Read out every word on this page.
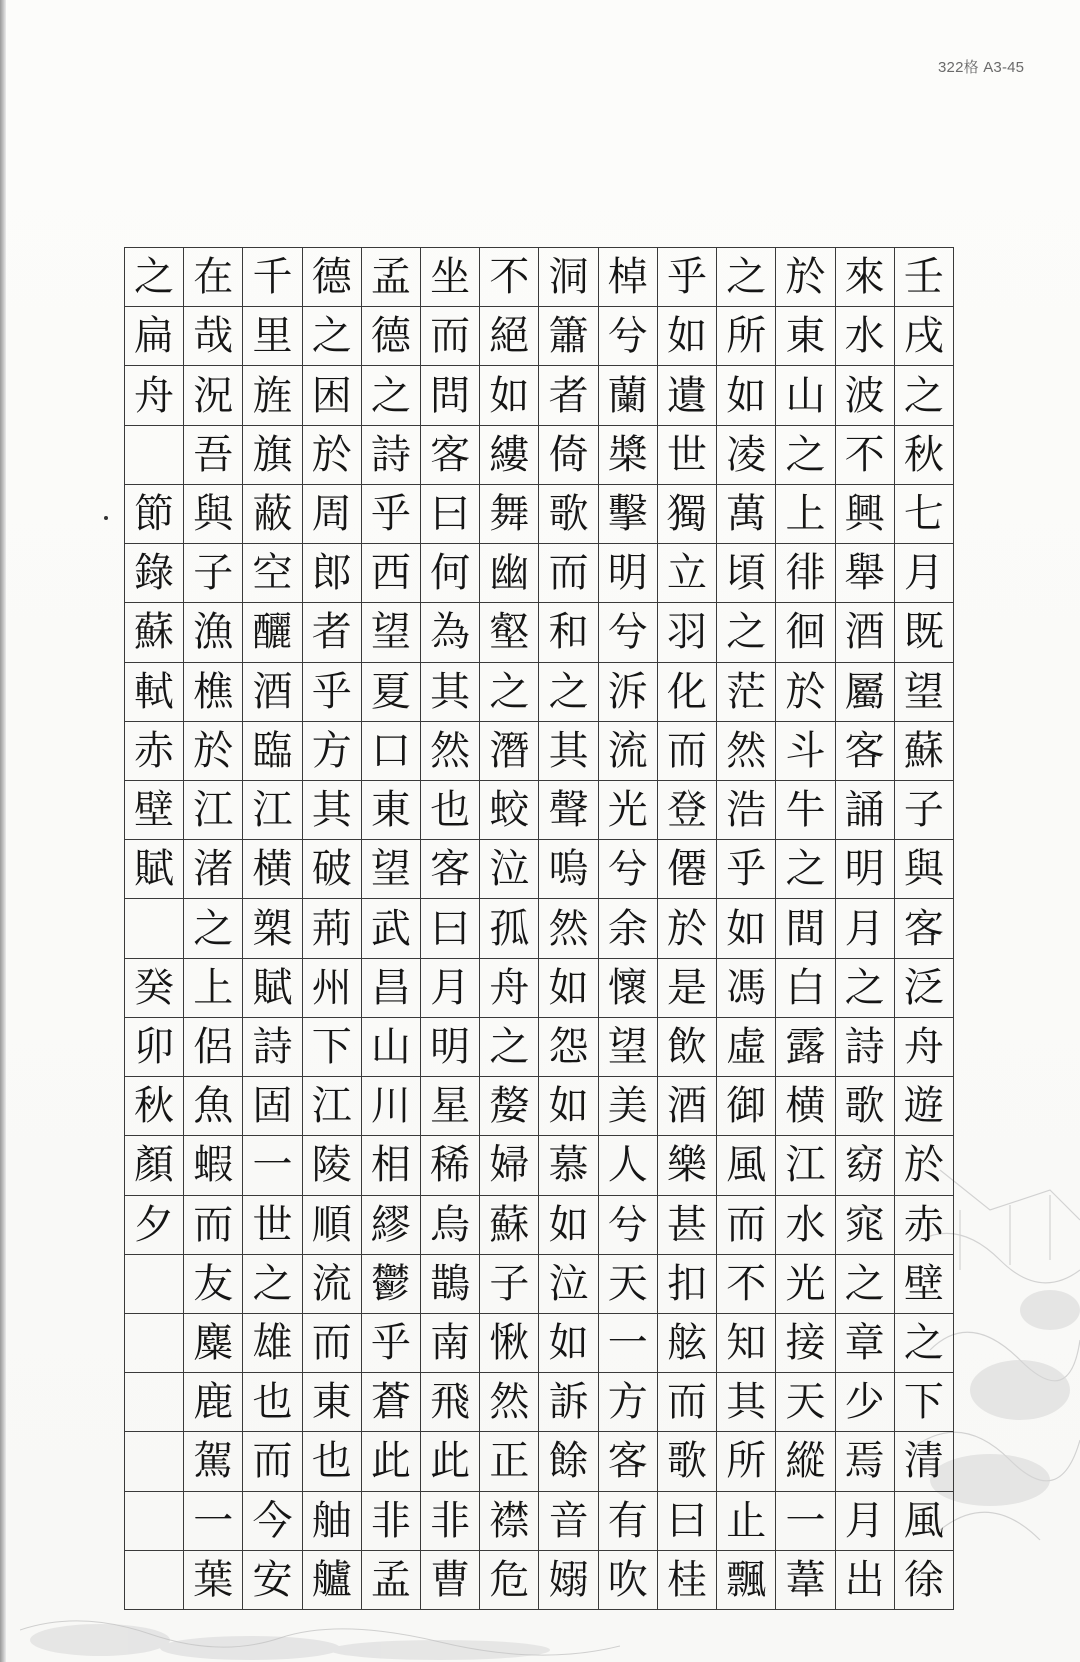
322格 A3-45
壬
戌
之
秋
七
月
既
望
蘇
子
與
客
泛
舟
遊
於
赤
壁
之
下
清
風
徐
來
水
波
不
興
舉
酒
屬
客
誦
明
月
之
詩
歌
窈
窕
之
章
少
焉
月
出
於
東
山
之
上
徘
徊
於
斗
牛
之
間
白
露
横
江
水
光
接
天
縱
一
葦
之
所
如
凌
萬
頃
之
茫
然
浩
乎
如
馮
虛
御
風
而
不
知
其
所
止
飄
乎
如
遺
世
獨
立
羽
化
而
登
僊
於
是
飲
酒
樂
甚
扣
舷
而
歌
曰
桂
棹
兮
蘭
槳
擊
明
兮
泝
流
光
兮
余
懷
望
美
人
兮
天
一
方
客
有
吹
洞
簫
者
倚
歌
而
和
之
其
聲
嗚
然
如
怨
如
慕
如
泣
如
訴
餘
音
嫋
不
絕
如
縷
舞
幽
壑
之
潛
蛟
泣
孤
舟
之
嫠
婦
蘇
子
愀
然
正
襟
危
坐
而
問
客
曰
何
為
其
然
也
客
曰
月
明
星
稀
烏
鵲
南
飛
此
非
曹
孟
德
之
詩
乎
西
望
夏
口
東
望
武
昌
山
川
相
繆
鬱
乎
蒼
此
非
孟
德
之
困
於
周
郎
者
乎
方
其
破
荊
州
下
江
陵
順
流
而
東
也
舳
艫
千
里
旌
旗
蔽
空
釃
酒
臨
江
横
槊
賦
詩
固
一
世
之
雄
也
而
今
安
在
哉
況
吾
與
子
漁
樵
於
江
渚
之
上
侶
魚
蝦
而
友
麋
鹿
駕
一
葉
之
扁
舟
節
錄
蘇
軾
赤
壁
賦
癸
卯
秋
顏
夕
